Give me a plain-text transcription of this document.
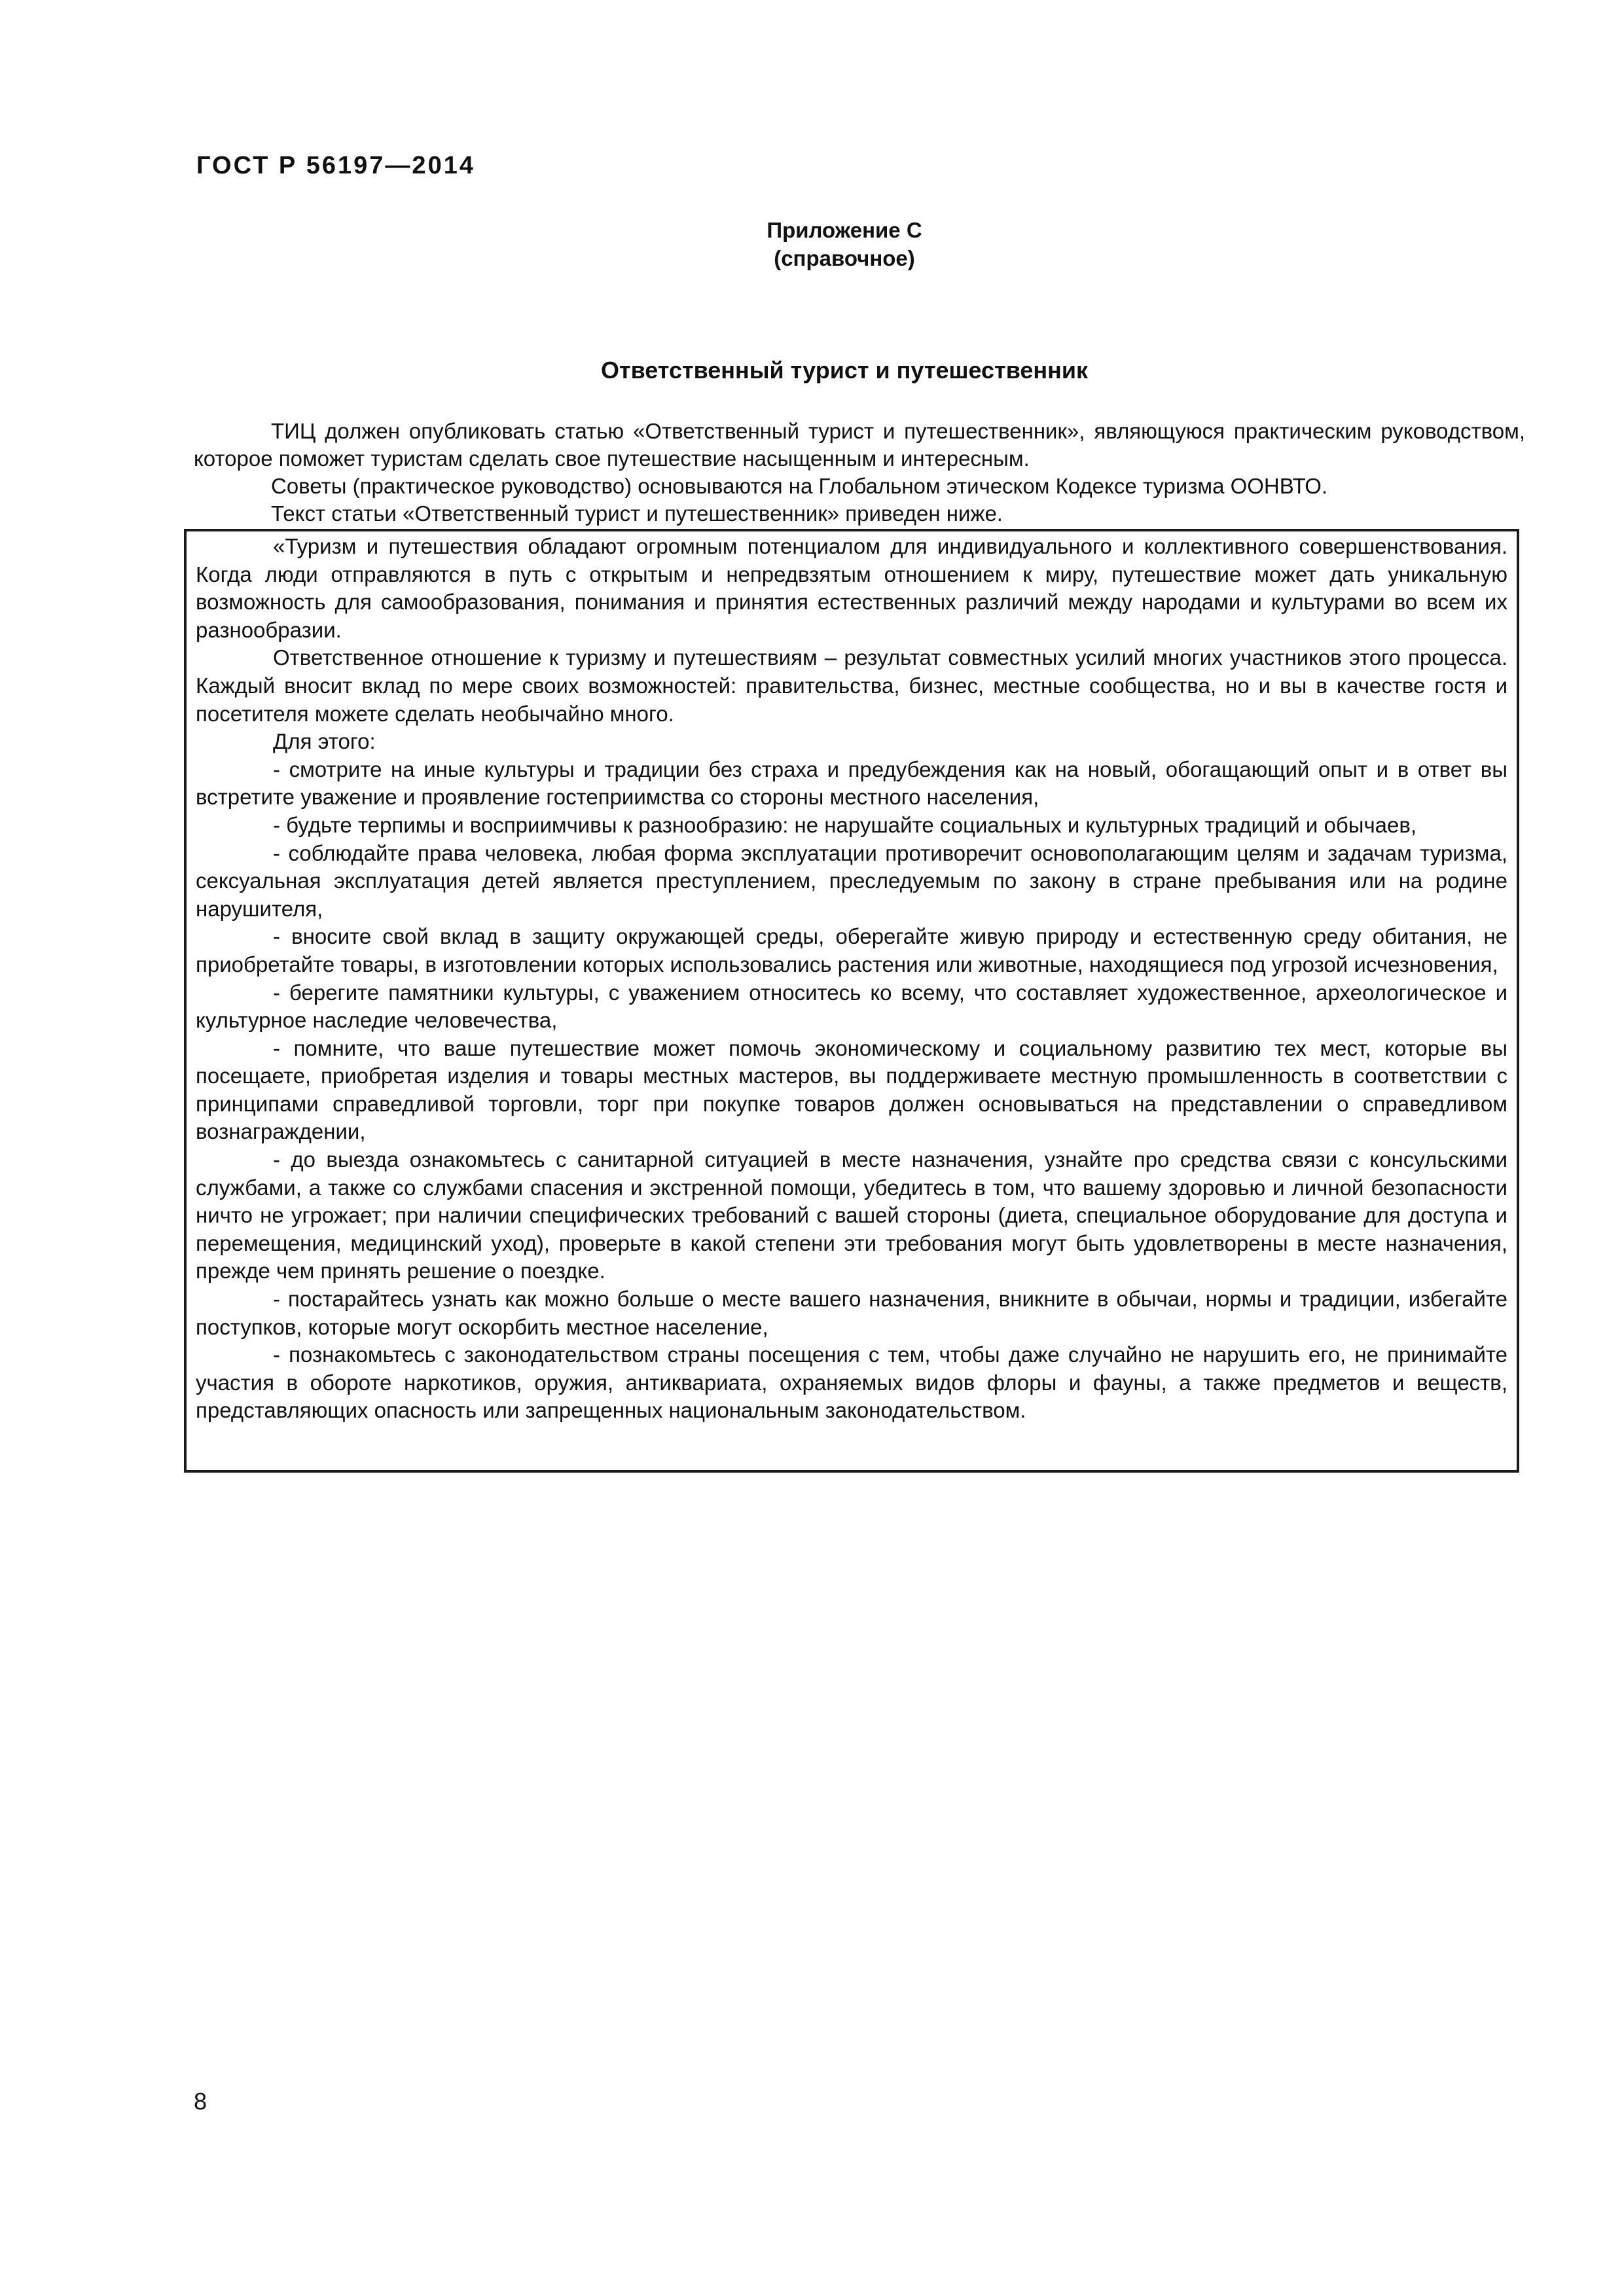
ГОСТ Р 56197—2014
Приложение С
(справочное)
Ответственный турист и путешественник

ТИЦ должен опубликовать статью «Ответственный турист и путешественник», являющуюся практическим руководством, которое поможет туристам сделать свое путешествие насыщенным и интересным.

Советы (практическое руководство) основываются на Глобальном этическом Кодексе туризма ООНВТО.

Текст статьи «Ответственный турист и путешественник» приведен ниже.

«Туризм и путешествия обладают огромным потенциалом для индивидуального и коллективного совершенствования. Когда люди отправляются в путь с открытым и непредвзятым отношением к миру, путешествие может дать уникальную возможность для самообразования, понимания и принятия естественных различий между народами и культурами во всем их разнообразии.

Ответственное отношение к туризму и путешествиям – результат совместных усилий многих участников этого процесса. Каждый вносит вклад по мере своих возможностей: правительства, бизнес, местные сообщества, но и вы в качестве гостя и посетителя можете сделать необычайно много.

Для этого:

- смотрите на иные культуры и традиции без страха и предубеждения как на новый, обогащающий опыт и в ответ вы встретите уважение и проявление гостеприимства со стороны местного населения,

- будьте терпимы и восприимчивы к разнообразию: не нарушайте социальных и культурных традиций и обычаев,

- соблюдайте права человека, любая форма эксплуатации противоречит основополагающим целям и задачам туризма, сексуальная эксплуатация детей является преступлением, преследуемым по закону в стране пребывания или на родине нарушителя,

- вносите свой вклад в защиту окружающей среды, оберегайте живую природу и естественную среду обитания, не приобретайте товары, в изготовлении которых использовались растения или животные, находящиеся под угрозой исчезновения,

- берегите памятники культуры, с уважением относитесь ко всему, что составляет художественное, археологическое и культурное наследие человечества,

- помните, что ваше путешествие может помочь экономическому и социальному развитию тех мест, которые вы посещаете, приобретая изделия и товары местных мастеров, вы поддерживаете местную промышленность в соответствии с принципами справедливой торговли, торг при покупке товаров должен основываться на представлении о справедливом вознаграждении,

- до выезда ознакомьтесь с санитарной ситуацией в месте назначения, узнайте про средства связи с консульскими службами, а также со службами спасения и экстренной помощи, убедитесь в том, что вашему здоровью и личной безопасности ничто не угрожает; при наличии специфических требований с вашей стороны (диета, специальное оборудование для доступа и перемещения, медицинский уход), проверьте в какой степени эти требования могут быть удовлетворены в месте назначения, прежде чем принять решение о поездке.

- постарайтесь узнать как можно больше о месте вашего назначения, вникните в обычаи, нормы и традиции, избегайте поступков, которые могут оскорбить местное население,

- познакомьтесь с законодательством страны посещения с тем, чтобы даже случайно не нарушить его, не принимайте участия в обороте наркотиков, оружия, антиквариата, охраняемых видов флоры и фауны, а также предметов и веществ, представляющих опасность или запрещенных национальным законодательством.

8
